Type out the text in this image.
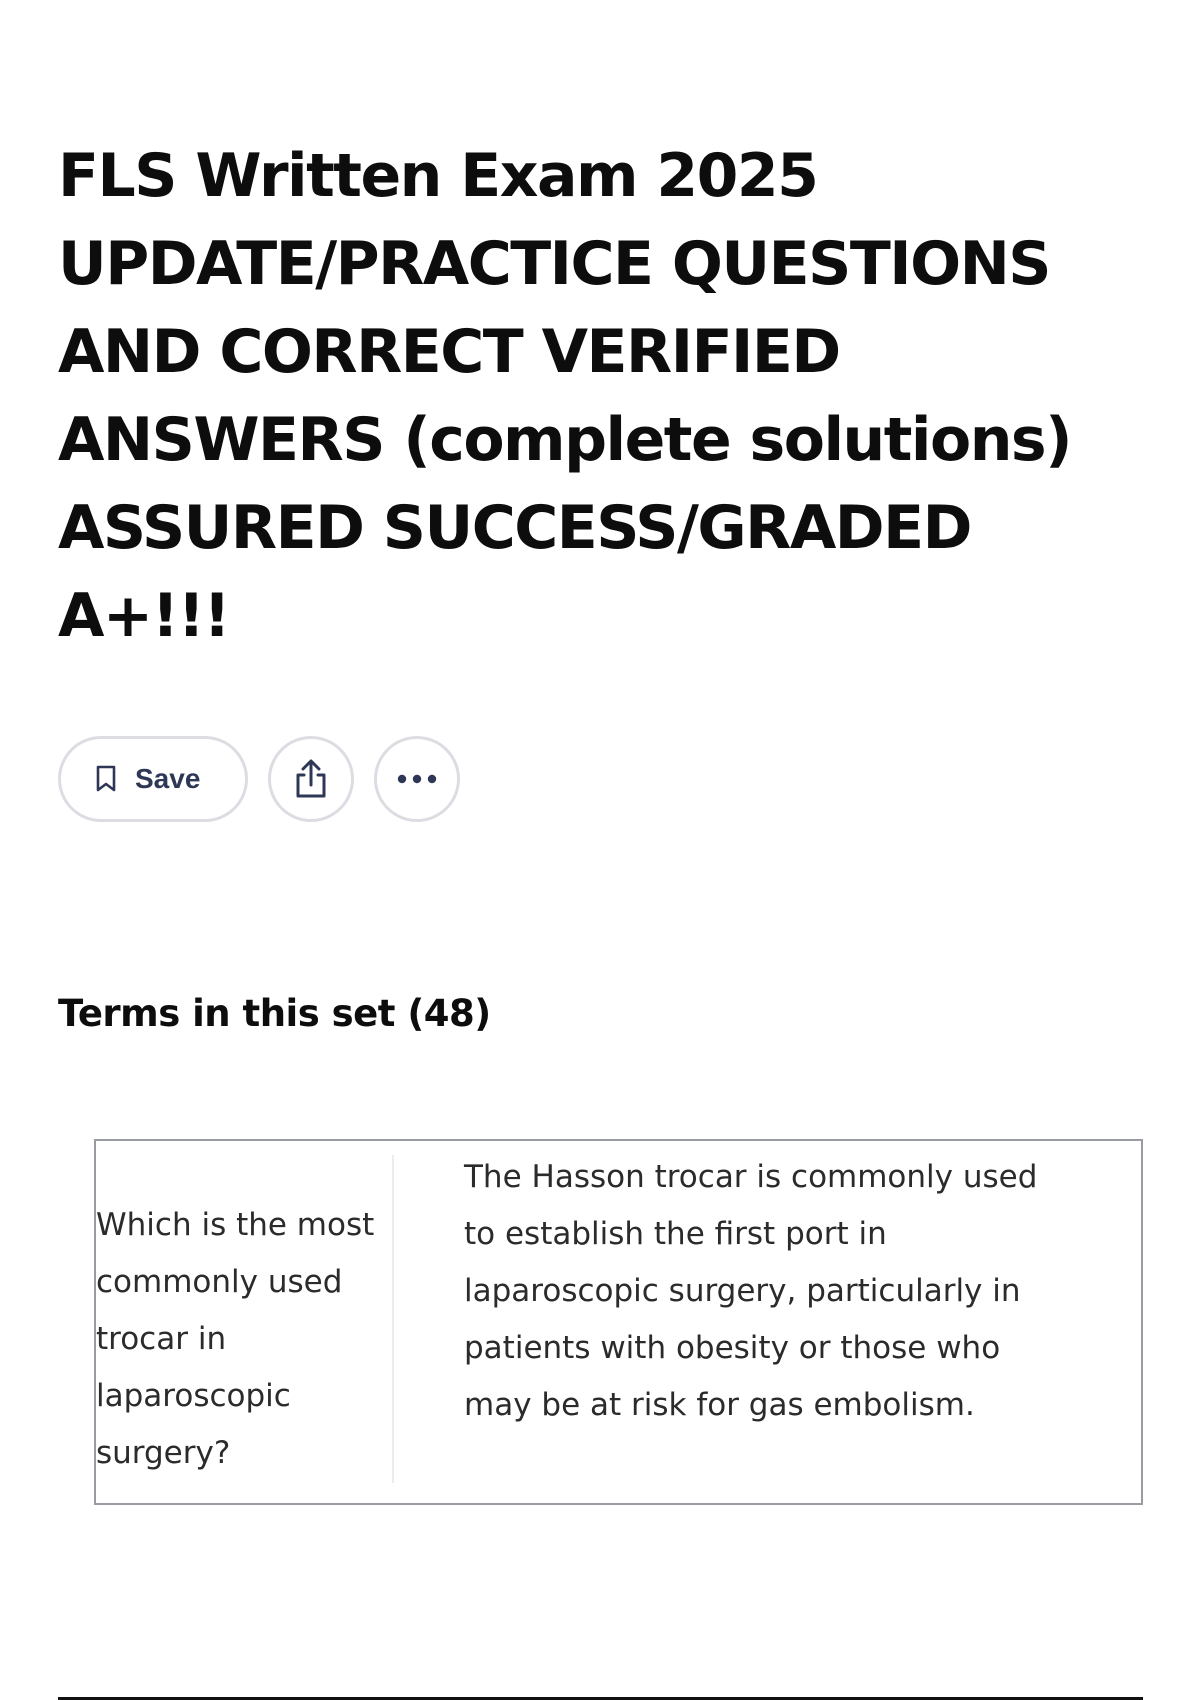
FLS Written Exam 2025
UPDATE/PRACTICE QUESTIONS
AND CORRECT VERIFIED
ANSWERS (complete solutions)
ASSURED SUCCESS/GRADED
A+!!!
Save
Terms in this set (48)
Which is the most commonly used trocar in laparoscopic surgery?
The Hasson trocar is commonly used to establish the first port in laparoscopic surgery, particularly in patients with obesity or those who may be at risk for gas embolism.
